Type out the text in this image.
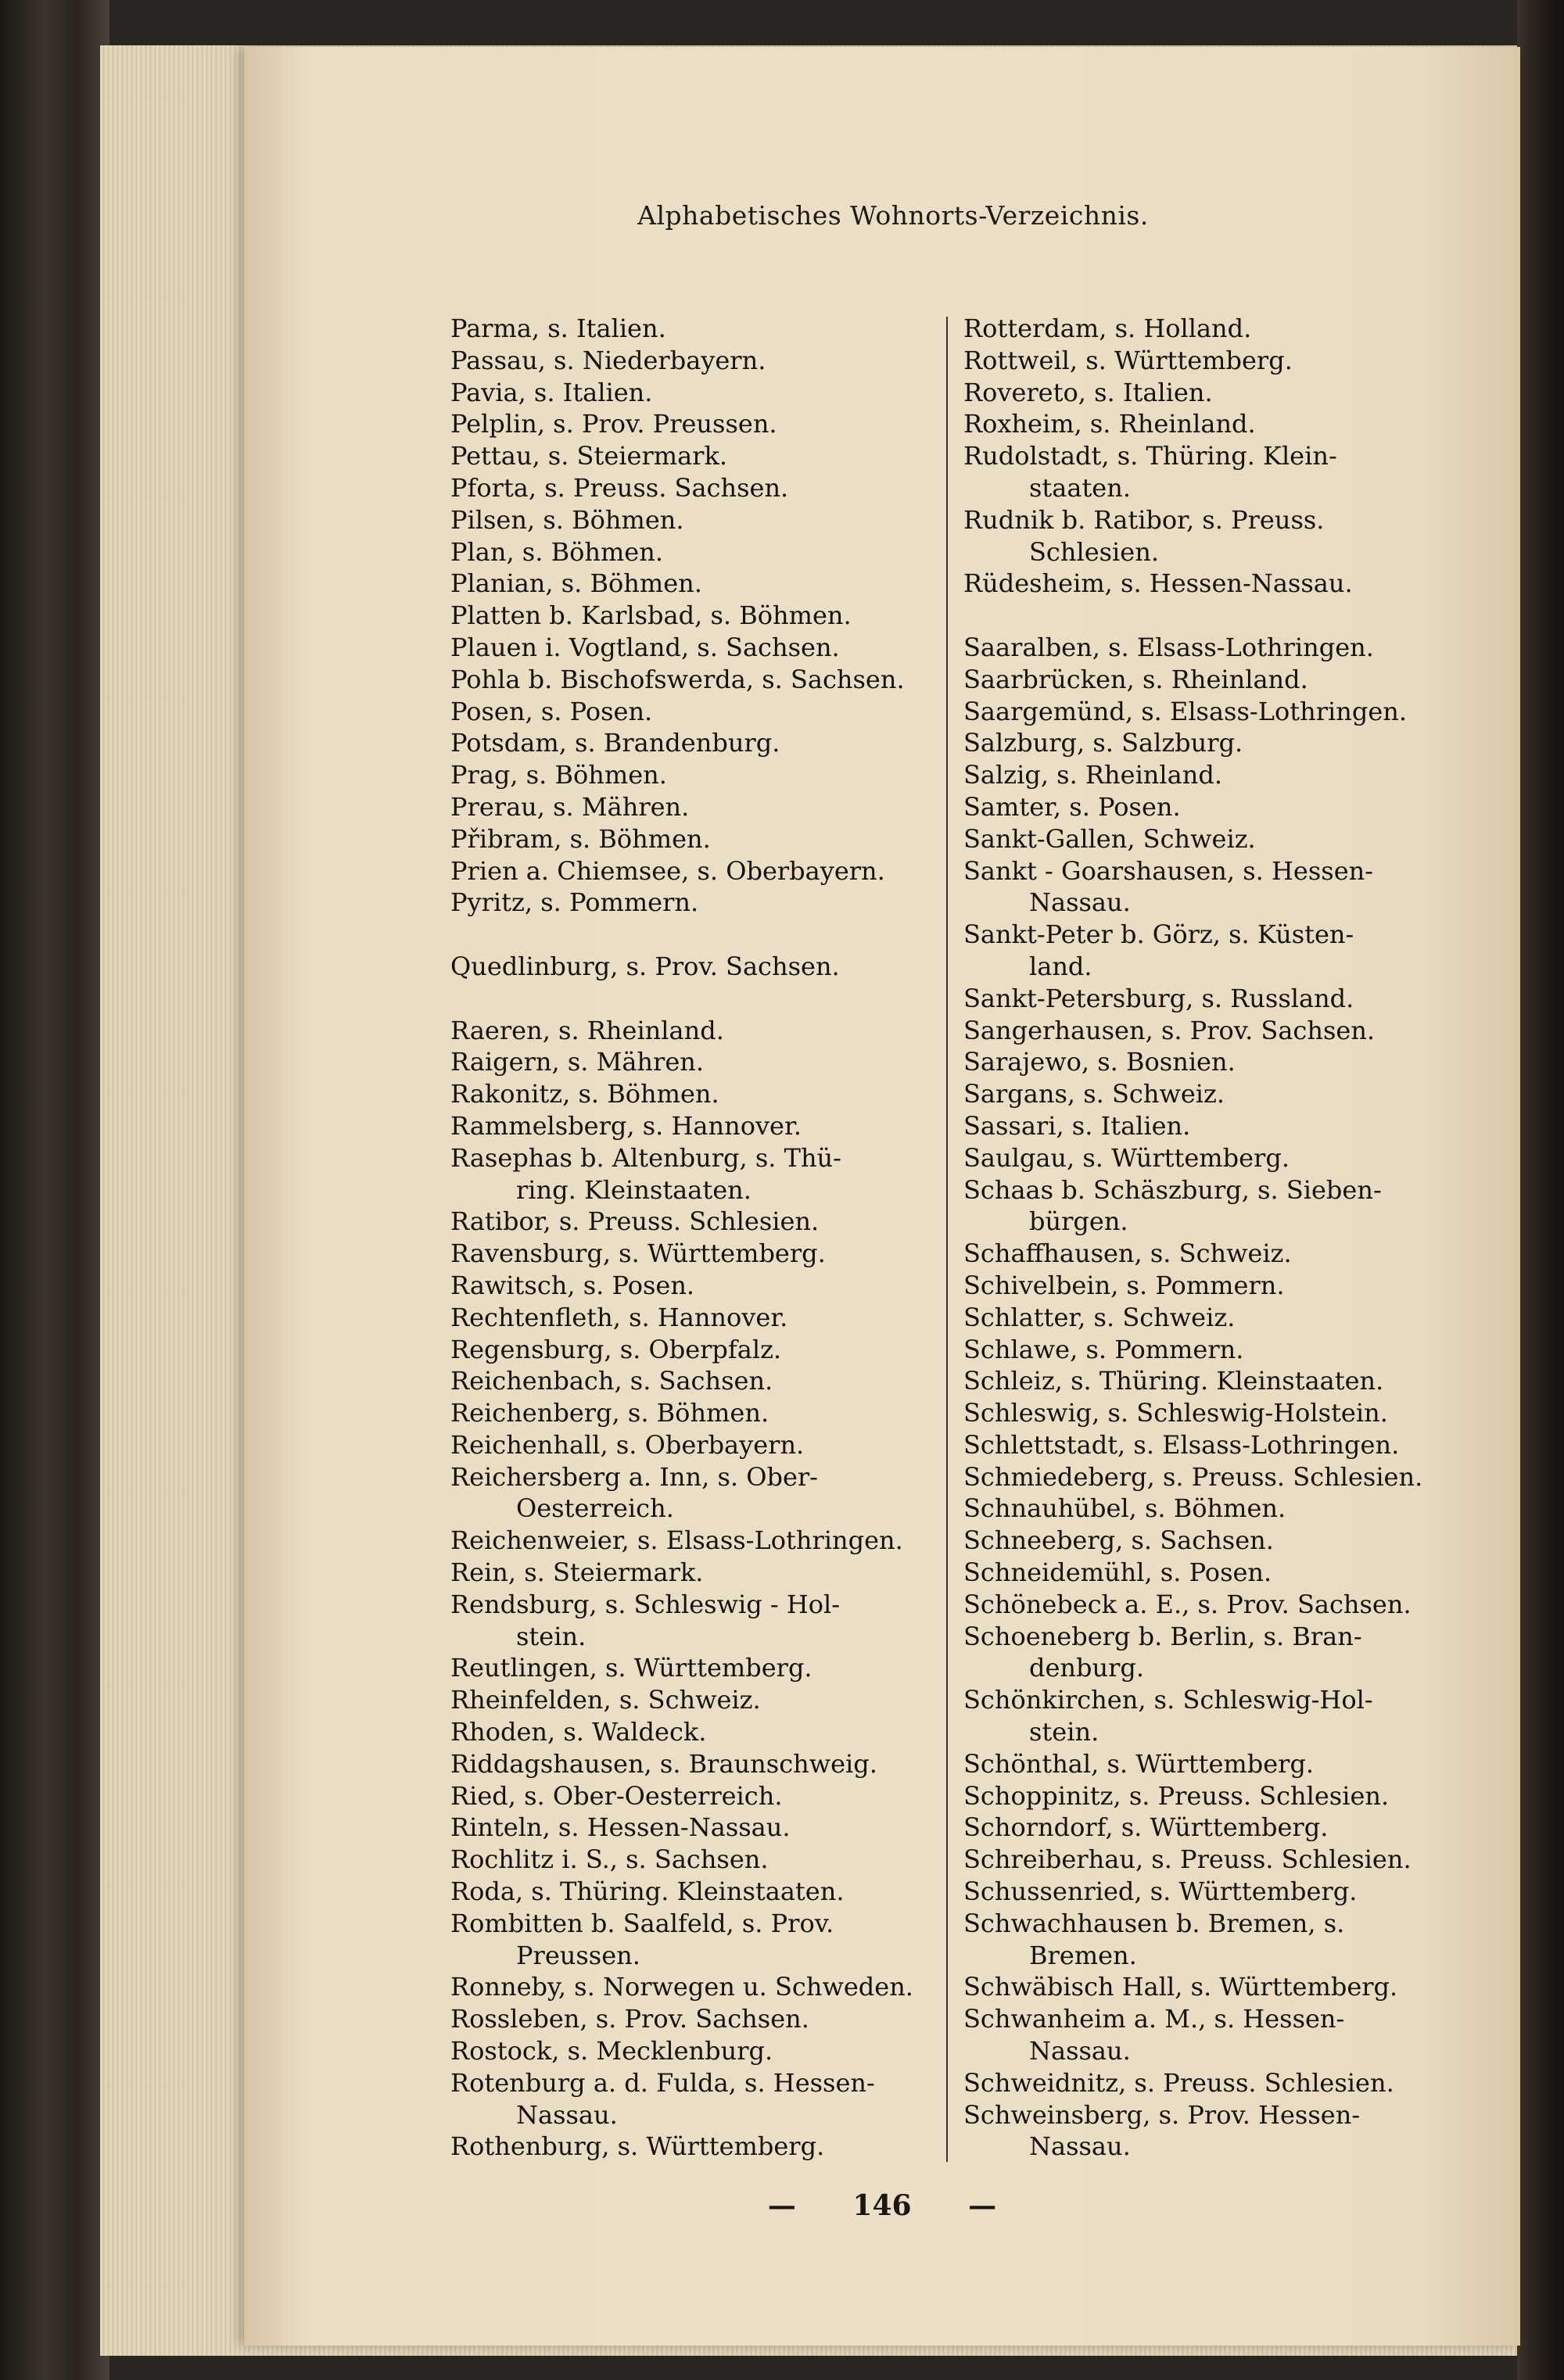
Alphabetisches Wohnorts-Verzeichnis.
Parma, s. Italien.
Passau, s. Niederbayern.
Pavia, s. Italien.
Pelplin, s. Prov. Preussen.
Pettau, s. Steiermark.
Pforta, s. Preuss. Sachsen.
Pilsen, s. Böhmen.
Plan, s. Böhmen.
Planian, s. Böhmen.
Platten b. Karlsbad, s. Böhmen.
Plauen i. Vogtland, s. Sachsen.
Pohla b. Bischofswerda, s. Sachsen.
Posen, s. Posen.
Potsdam, s. Brandenburg.
Prag, s. Böhmen.
Prerau, s. Mähren.
Přibram, s. Böhmen.
Prien a. Chiemsee, s. Oberbayern.
Pyritz, s. Pommern.
Quedlinburg, s. Prov. Sachsen.
Raeren, s. Rheinland.
Raigern, s. Mähren.
Rakonitz, s. Böhmen.
Rammelsberg, s. Hannover.
Rasephas b. Altenburg, s. Thü-
ring. Kleinstaaten.
Ratibor, s. Preuss. Schlesien.
Ravensburg, s. Württemberg.
Rawitsch, s. Posen.
Rechtenfleth, s. Hannover.
Regensburg, s. Oberpfalz.
Reichenbach, s. Sachsen.
Reichenberg, s. Böhmen.
Reichenhall, s. Oberbayern.
Reichersberg a. Inn, s. Ober-
Oesterreich.
Reichenweier, s. Elsass-Lothringen.
Rein, s. Steiermark.
Rendsburg, s. Schleswig - Hol-
stein.
Reutlingen, s. Württemberg.
Rheinfelden, s. Schweiz.
Rhoden, s. Waldeck.
Riddagshausen, s. Braunschweig.
Ried, s. Ober-Oesterreich.
Rinteln, s. Hessen-Nassau.
Rochlitz i. S., s. Sachsen.
Roda, s. Thüring. Kleinstaaten.
Rombitten b. Saalfeld, s. Prov.
Preussen.
Ronneby, s. Norwegen u. Schweden.
Rossleben, s. Prov. Sachsen.
Rostock, s. Mecklenburg.
Rotenburg a. d. Fulda, s. Hessen-
Nassau.
Rothenburg, s. Württemberg.
Rotterdam, s. Holland.
Rottweil, s. Württemberg.
Rovereto, s. Italien.
Roxheim, s. Rheinland.
Rudolstadt, s. Thüring. Klein-
staaten.
Rudnik b. Ratibor, s. Preuss.
Schlesien.
Rüdesheim, s. Hessen-Nassau.
Saaralben, s. Elsass-Lothringen.
Saarbrücken, s. Rheinland.
Saargemünd, s. Elsass-Lothringen.
Salzburg, s. Salzburg.
Salzig, s. Rheinland.
Samter, s. Posen.
Sankt-Gallen, Schweiz.
Sankt - Goarshausen, s. Hessen-
Nassau.
Sankt-Peter b. Görz, s. Küsten-
land.
Sankt-Petersburg, s. Russland.
Sangerhausen, s. Prov. Sachsen.
Sarajewo, s. Bosnien.
Sargans, s. Schweiz.
Sassari, s. Italien.
Saulgau, s. Württemberg.
Schaas b. Schäszburg, s. Sieben-
bürgen.
Schaffhausen, s. Schweiz.
Schivelbein, s. Pommern.
Schlatter, s. Schweiz.
Schlawe, s. Pommern.
Schleiz, s. Thüring. Kleinstaaten.
Schleswig, s. Schleswig-Holstein.
Schlettstadt, s. Elsass-Lothringen.
Schmiedeberg, s. Preuss. Schlesien.
Schnauhübel, s. Böhmen.
Schneeberg, s. Sachsen.
Schneidemühl, s. Posen.
Schönebeck a. E., s. Prov. Sachsen.
Schoeneberg b. Berlin, s. Bran-
denburg.
Schönkirchen, s. Schleswig-Hol-
stein.
Schönthal, s. Württemberg.
Schoppinitz, s. Preuss. Schlesien.
Schorndorf, s. Württemberg.
Schreiberhau, s. Preuss. Schlesien.
Schussenried, s. Württemberg.
Schwachhausen b. Bremen, s.
Bremen.
Schwäbisch Hall, s. Württemberg.
Schwanheim a. M., s. Hessen-
Nassau.
Schweidnitz, s. Preuss. Schlesien.
Schweinsberg, s. Prov. Hessen-
Nassau.
— 146 —
